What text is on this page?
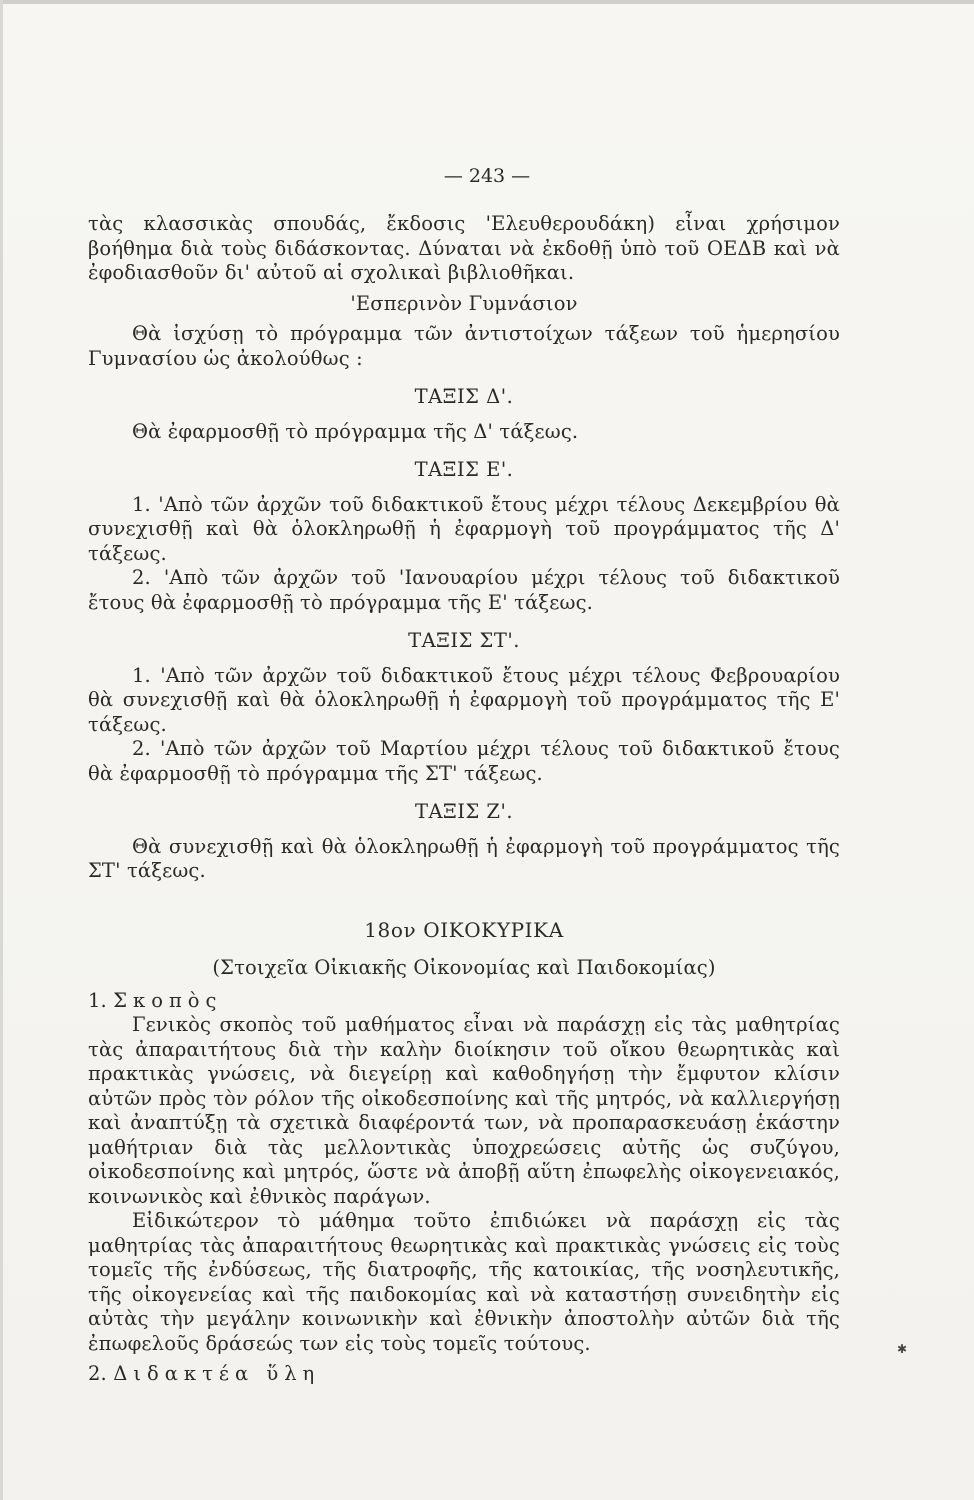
— 243 —

τὰς κλασσικὰς σπουδάς, ἔκδοσις 'Ελευθερουδάκη) εἶναι χρήσιμον βοήθημα διὰ τοὺς διδάσκοντας. Δύναται νὰ ἐκδοθῇ ὑπὸ τοῦ ΟΕΔΒ καὶ νὰ ἐφοδιασθοῦν δι' αὐτοῦ αἱ σχολικαὶ βιβλιοθῆκαι.

'Εσπερινὸν Γυμνάσιον

Θὰ ἰσχύσῃ τὸ πρόγραμμα τῶν ἀντιστοίχων τάξεων τοῦ ἡμερησίου Γυμνασίου ὡς ἀκολούθως :

ΤΑΞΙΣ Δ'.

Θὰ ἐφαρμοσθῇ τὸ πρόγραμμα τῆς Δ' τάξεως.

ΤΑΞΙΣ Ε'.

1. 'Απὸ τῶν ἀρχῶν τοῦ διδακτικοῦ ἔτους μέχρι τέλους Δεκεμβρίου θὰ συνεχισθῇ καὶ θὰ ὁλοκληρωθῇ ἡ ἐφαρμογὴ τοῦ προγράμματος τῆς Δ' τάξεως.

2. 'Απὸ τῶν ἀρχῶν τοῦ 'Ιανουαρίου μέχρι τέλους τοῦ διδακτικοῦ ἔτους θὰ ἐφαρμοσθῇ τὸ πρόγραμμα τῆς Ε' τάξεως.

ΤΑΞΙΣ ΣΤ'.

1. 'Απὸ τῶν ἀρχῶν τοῦ διδακτικοῦ ἔτους μέχρι τέλους Φεβρουαρίου θὰ συνεχισθῇ καὶ θὰ ὁλοκληρωθῇ ἡ ἐφαρμογὴ τοῦ προγράμματος τῆς Ε' τάξεως.

2. 'Απὸ τῶν ἀρχῶν τοῦ Μαρτίου μέχρι τέλους τοῦ διδακτικοῦ ἔτους θὰ ἐφαρμοσθῇ τὸ πρόγραμμα τῆς ΣΤ' τάξεως.

ΤΑΞΙΣ Ζ'.

Θὰ συνεχισθῇ καὶ θὰ ὁλοκληρωθῇ ἡ ἐφαρμογὴ τοῦ προγράμματος τῆς ΣΤ' τάξεως.

18ον ΟΙΚΟΚΥΡΙΚΑ

(Στοιχεῖα Οἰκιακῆς Οἰκονομίας καὶ Παιδοκομίας)

1. Σκοπὸς

Γενικὸς σκοπὸς τοῦ μαθήματος εἶναι νὰ παράσχῃ εἰς τὰς μαθητρίας τὰς ἀπαραιτήτους διὰ τὴν καλὴν διοίκησιν τοῦ οἴκου θεωρητικὰς καὶ πρακτικὰς γνώσεις, νὰ διεγείρῃ καὶ καθοδηγήσῃ τὴν ἔμφυτον κλίσιν αὐτῶν πρὸς τὸν ρόλον τῆς οἰκοδεσποίνης καὶ τῆς μητρός, νὰ καλλιεργήσῃ καὶ ἀναπτύξῃ τὰ σχετικὰ διαφέροντά των, νὰ προπαρασκευάσῃ ἑκάστην μαθήτριαν διὰ τὰς μελλοντικὰς ὑποχρεώσεις αὐτῆς ὡς συζύγου, οἰκοδεσποίνης καὶ μητρός, ὥστε νὰ ἀποβῇ αὕτη ἐπωφελὴς οἰκογενειακός, κοινωνικὸς καὶ ἐθνικὸς παράγων.

Εἰδικώτερον τὸ μάθημα τοῦτο ἐπιδιώκει νὰ παράσχῃ εἰς τὰς μαθητρίας τὰς ἀπαραιτήτους θεωρητικὰς καὶ πρακτικὰς γνώσεις εἰς τοὺς τομεῖς τῆς ἐνδύσεως, τῆς διατροφῆς, τῆς κατοικίας, τῆς νοσηλευτικῆς, τῆς οἰκογενείας καὶ τῆς παιδοκομίας καὶ νὰ καταστήσῃ συνειδητὴν εἰς αὐτὰς τὴν μεγάλην κοινωνικὴν καὶ ἐθνικὴν ἀποστολὴν αὐτῶν διὰ τῆς ἐπωφελοῦς δράσεώς των εἰς τοὺς τομεῖς τούτους.

2. Διδακτέα ὕλη

✱
